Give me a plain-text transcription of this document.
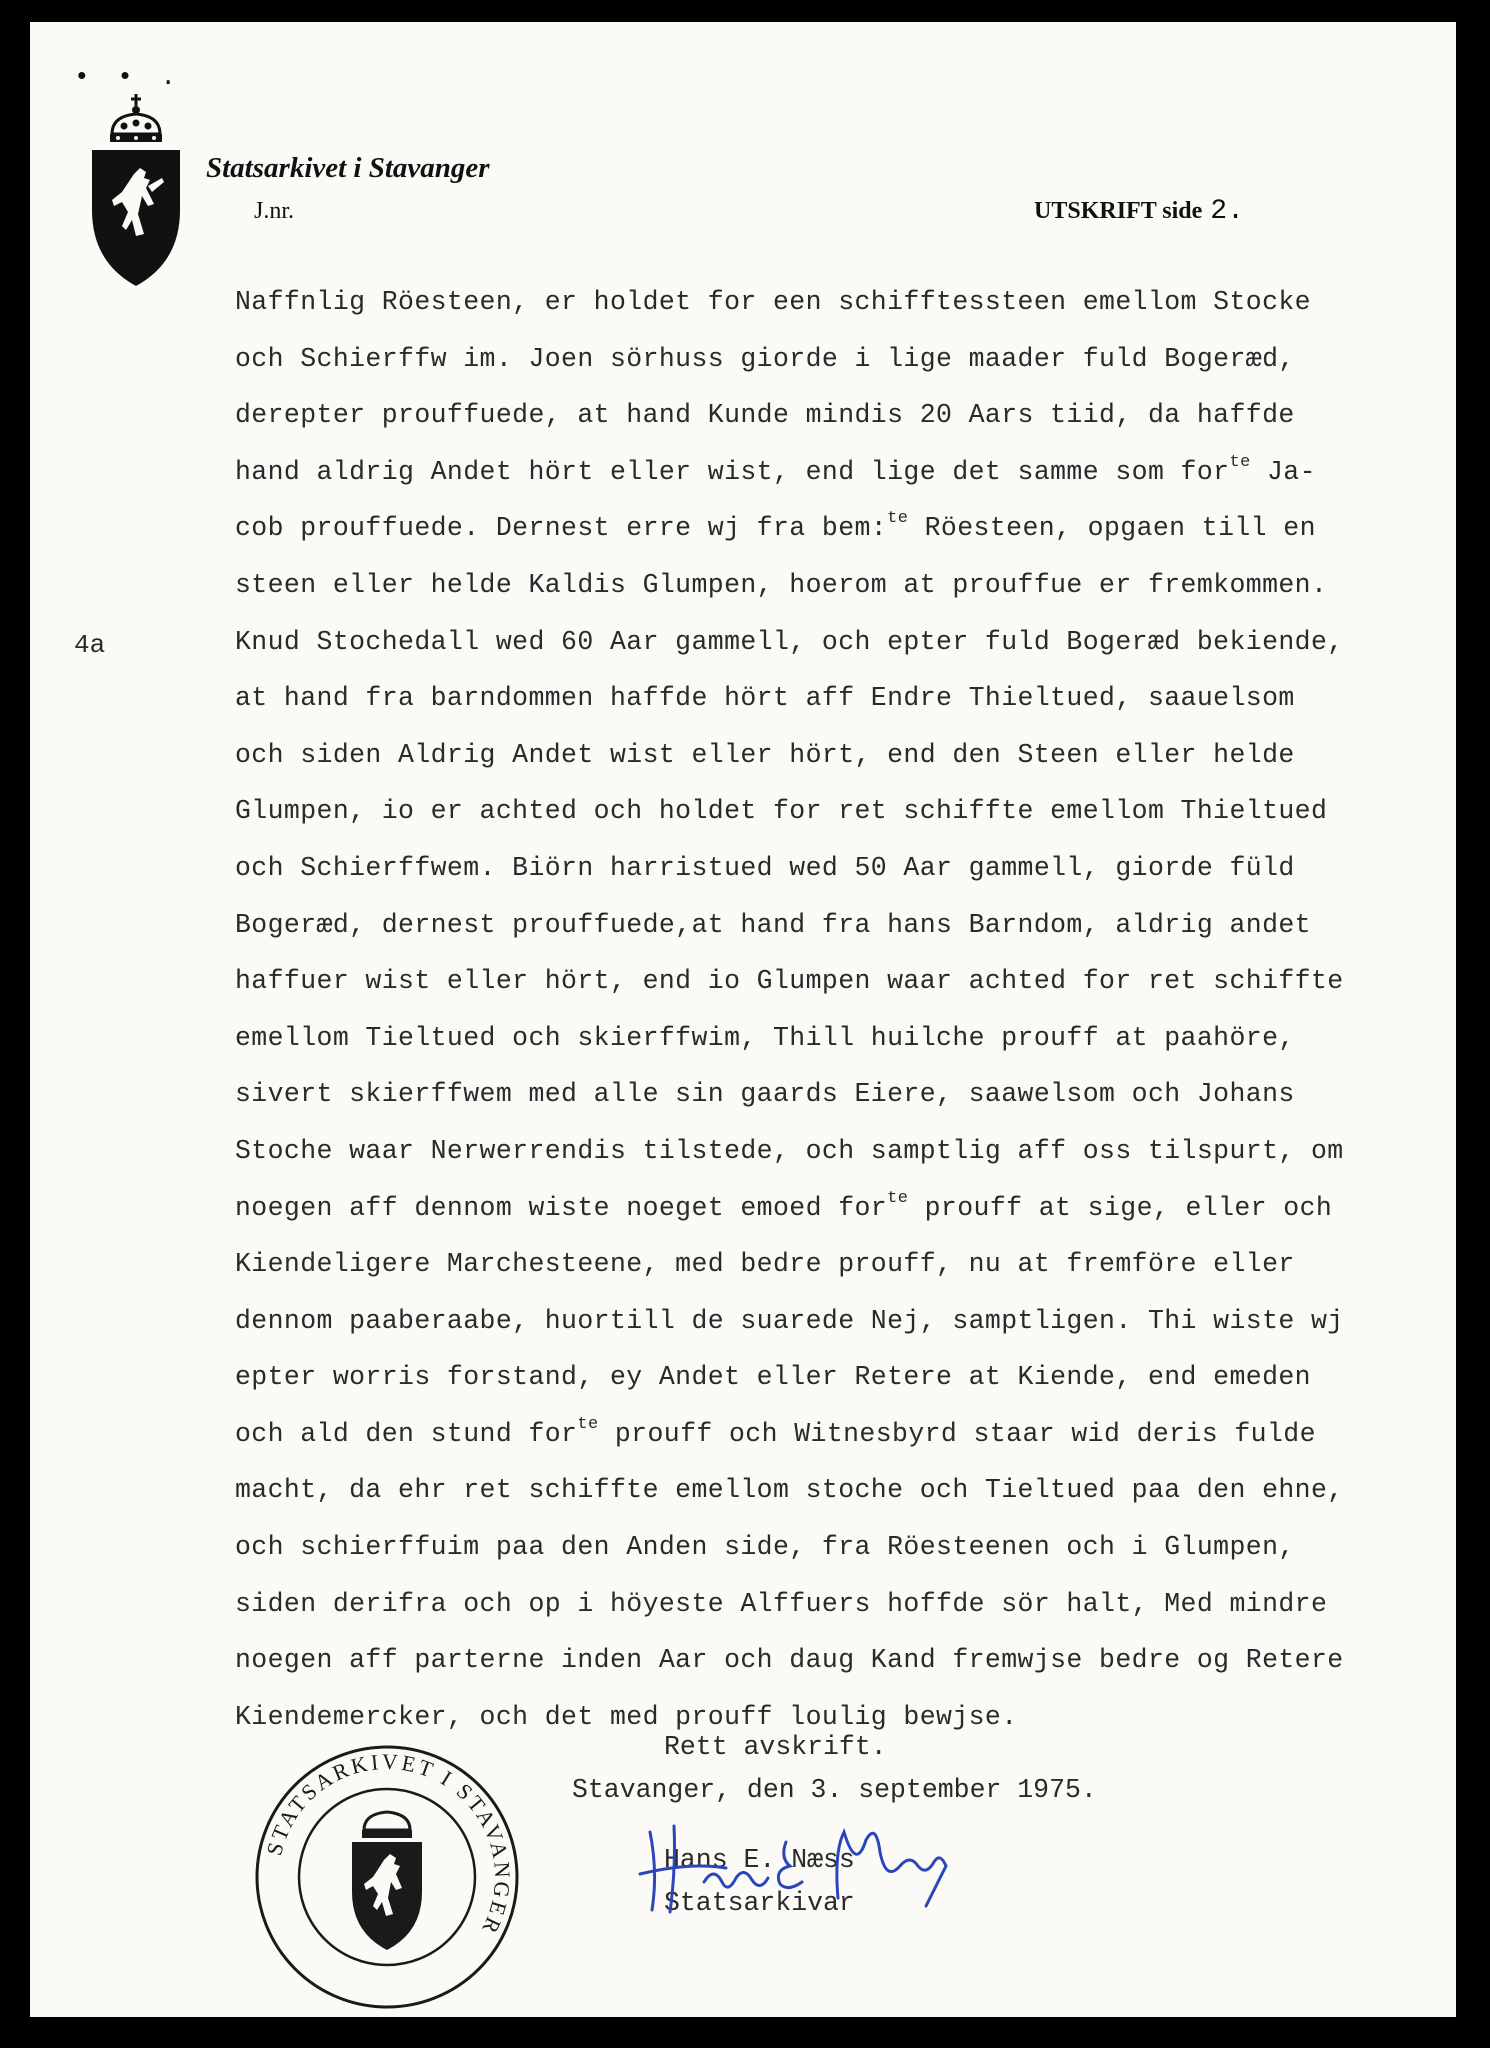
• • .
Statsarkivet i Stavanger
J.nr.	UTSKRIFT side 2.
4a
Naffnlig Röesteen, er holdet for een schifftessteen emellom Stocke
och Schierffw im. Joen sörhuss giorde i lige maader fuld Bogeræd,
derepter prouffuede, at hand Kunde mindis 20 Aars tiid, da haffde
hand aldrig Andet hört eller wist, end lige det samme som for$^{te}$ Ja-
cob prouffuede. Dernest erre wj fra bem:$^{te}$ Röesteen, opgaen till en
steen eller helde Kaldis Glumpen, hoerom at prouffue er fremkommen.
Knud Stochedall wed 60 Aar gammell, och epter fuld Bogeræd bekiende,
at hand fra barndommen haffde hört aff Endre Thieltued, saauelsom
och siden Aldrig Andet wist eller hört, end den Steen eller helde
Glumpen, io er achted och holdet for ret schiffte emellom Thieltued
och Schierffwem. Biörn harristued wed 50 Aar gammell, giorde füld
Bogeræd, dernest prouffuede,at hand fra hans Barndom, aldrig andet
haffuer wist eller hört, end io Glumpen waar achted for ret schiffte
emellom Tieltued och skierffwim, Thill huilche prouff at paahöre,
sivert skierffwem med alle sin gaards Eiere, saawelsom och Johans
Stoche waar Nerwerrendis tilstede, och samptlig aff oss tilspurt, om
noegen aff dennom wiste noeget emoed for$^{te}$ prouff at sige, eller och
Kiendeligere Marchesteene, med bedre prouff, nu at fremföre eller
dennom paaberaabe, huortill de suarede Nej, samptligen. Thi wiste wj
epter worris forstand, ey Andet eller Retere at Kiende, end emeden
och ald den stund for$^{te}$ prouff och Witnesbyrd staar wid deris fulde
macht, da ehr ret schiffte emellom stoche och Tieltued paa den ehne,
och schierffuim paa den Anden side, fra Röesteenen och i Glumpen,
siden derifra och op i höyeste Alffuers hoffde sör halt, Med mindre
noegen aff parterne inden Aar och daug Kand fremwjse bedre og Retere
Kiendemercker, och det med prouff loulig bewjse.
STATSARKIVET I STAVANGER
Rett avskrift.
Stavanger, den 3. september 1975.
Hans E. Næss
Statsarkivar
